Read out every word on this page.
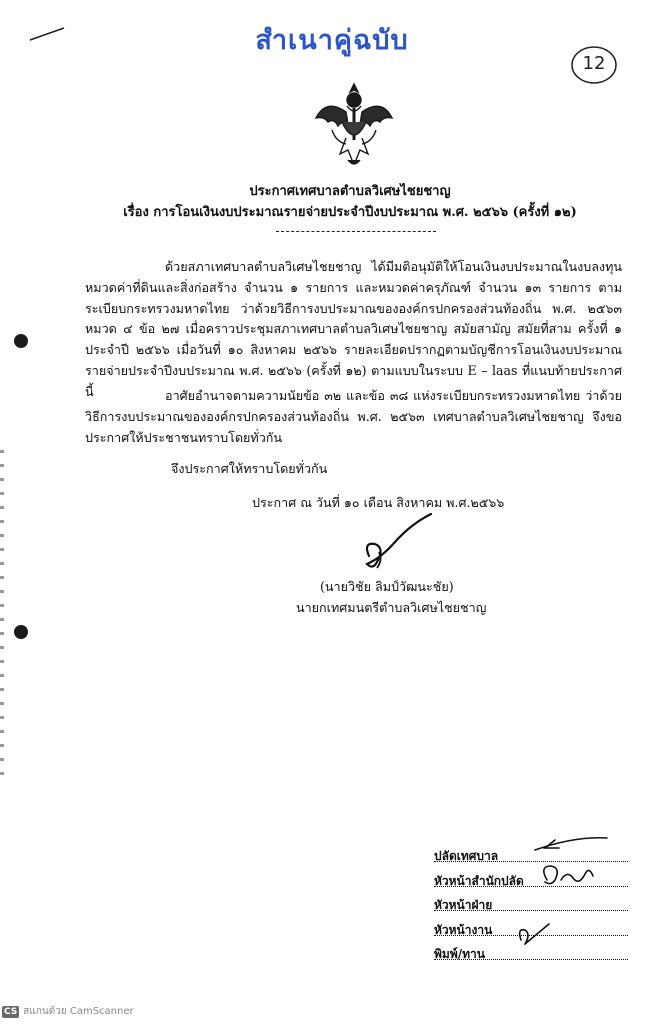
สำเนาคู่ฉบับ
12
ประกาศเทศบาลตำบลวิเศษไชยชาญ
เรื่อง การโอนเงินงบประมาณรายจ่ายประจำปีงบประมาณ พ.ศ. ๒๕๖๖ (ครั้งที่ ๑๒)
ด้วยสภาเทศบาลตำบลวิเศษไชยชาญ ได้มีมติอนุมัติให้โอนเงินงบประมาณในงบลงทุน หมวดค่าที่ดินและสิ่งก่อสร้าง จำนวน ๑ รายการ และหมวดค่าครุภัณฑ์ จำนวน ๑๓ รายการ ตามระเบียบกระทรวงมหาดไทย ว่าด้วยวิธีการงบประมาณขององค์กรปกครองส่วนท้องถิ่น พ.ศ. ๒๕๖๓ หมวด ๔ ข้อ ๒๗ เมื่อคราวประชุมสภาเทศบาลตำบลวิเศษไชยชาญ สมัยสามัญ สมัยที่สาม ครั้งที่ ๑ ประจำปี ๒๕๖๖ เมื่อวันที่ ๑๐ สิงหาคม ๒๕๖๖ รายละเอียดปรากฏตามบัญชีการโอนเงินงบประมาณรายจ่ายประจำปีงบประมาณ พ.ศ. ๒๕๖๖ (ครั้งที่ ๑๒) ตามแบบในระบบ E – laas ที่แนบท้ายประกาศนี้	อาศัยอำนาจตามความนัยข้อ ๓๒ และข้อ ๓๘ แห่งระเบียบกระทรวงมหาดไทย ว่าด้วยวิธีการงบประมาณขององค์กรปกครองส่วนท้องถิ่น พ.ศ. ๒๕๖๓ เทศบาลตำบลวิเศษไชยชาญ จึงขอประกาศให้ประชาชนทราบโดยทั่วกัน
จึงประกาศให้ทราบโดยทั่วกัน
ประกาศ ณ วันที่ ๑๐ เดือน สิงหาคม พ.ศ.๒๕๖๖
(นายวิชัย ลิมป์วัฒนะชัย)
นายกเทศมนตรีตำบลวิเศษไชยชาญ
ปลัดเทศบาล
หัวหน้าสำนักปลัด
หัวหน้าฝ่าย
หัวหน้างาน
พิมพ์/ทาน
CS สแกนด้วย CamScanner
